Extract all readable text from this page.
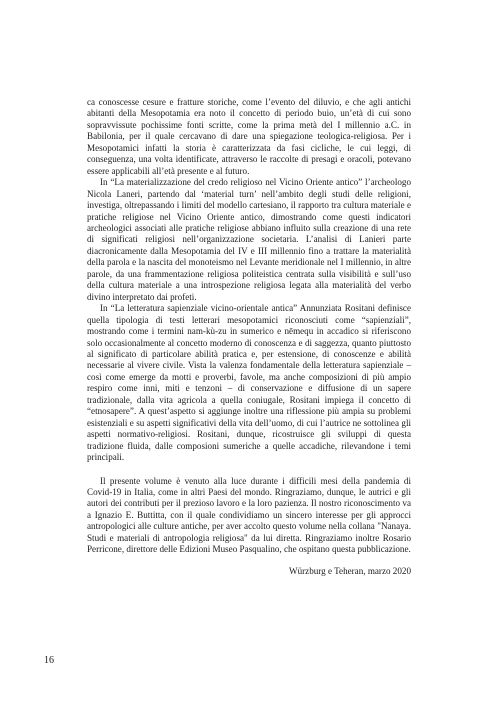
ca conoscesse cesure e fratture storiche, come l’evento del diluvio, e che agli antichi abitanti della Mesopotamia era noto il concetto di periodo buio, un’età di cui sono sopravvissute pochissime fonti scritte, come la prima metà del I millennio a.C. in Babilonia, per il quale cercavano di dare una spiegazione teologica-religiosa. Per i Mesopotamici infatti la storia è caratterizzata da fasi cicliche, le cui leggi, di conseguenza, una volta identificate, attraverso le raccolte di presagi e oracoli, potevano essere applicabili all’età presente e al futuro.

In “La materializzazione del credo religioso nel Vicino Oriente antico” l’archeologo Nicola Laneri, partendo dal ‘material turn’ nell’ambito degli studi delle religioni, investiga, oltrepassando i limiti del modello cartesiano, il rapporto tra cultura materiale e pratiche religiose nel Vicino Oriente antico, dimostrando come questi indicatori archeologici associati alle pratiche religiose abbiano influito sulla creazione di una rete di significati religiosi nell’organizzazione societaria. L’analisi di Lanieri parte diacronicamente dalla Mesopotamia del IV e III millennio fino a trattare la materialità della parola e la nascita del monoteismo nel Levante meridionale nel I millennio, in altre parole, da una frammentazione religiosa politeistica centrata sulla visibilità e sull’uso della cultura materiale a una introspezione religiosa legata alla materialità del verbo divino interpretato dai profeti.

In “La letteratura sapienziale vicino-orientale antica” Annunziata Rositani definisce quella tipologia di testi letterari mesopotamici riconosciuti come “sapienziali”, mostrando come i termini nam-kù-zu in sumerico e nēmequ in accadico si riferiscono solo occasionalmente al concetto moderno di conoscenza e di saggezza, quanto piuttosto al significato di particolare abilità pratica e, per estensione, di conoscenze e abilità necessarie al vivere civile. Vista la valenza fondamentale della letteratura sapienziale – così come emerge da motti e proverbi, favole, ma anche composizioni di più ampio respiro come inni, miti e tenzoni – di conservazione e diffusione di un sapere tradizionale, dalla vita agricola a quella coniugale, Rositani impiega il concetto di “etnosapere”. A quest’aspetto si aggiunge inoltre una riflessione più ampia su problemi esistenziali e su aspetti significativi della vita dell’uomo, di cui l’autrice ne sottolinea gli aspetti normativo-religiosi. Rositani, dunque, ricostruisce gli sviluppi di questa tradizione fluida, dalle composioni sumeriche a quelle accadiche, rilevandone i temi principali.

Il presente volume è venuto alla luce durante i difficili mesi della pandemia di Covid-19 in Italia, come in altri Paesi del mondo. Ringraziamo, dunque, le autrici e gli autori dei contributi per il prezioso lavoro e la loro pazienza. Il nostro riconoscimento va a Ignazio E. Buttitta, con il quale condividiamo un sincero interesse per gli approcci antropologici alle culture antiche, per aver accolto questo volume nella collana "Nanaya. Studi e materiali di antropologia religiosa" da lui diretta. Ringraziamo inoltre Rosario Perricone, direttore delle Edizioni Museo Pasqualino, che ospitano questa pubblicazione.

Würzburg e Teheran, marzo 2020

16
